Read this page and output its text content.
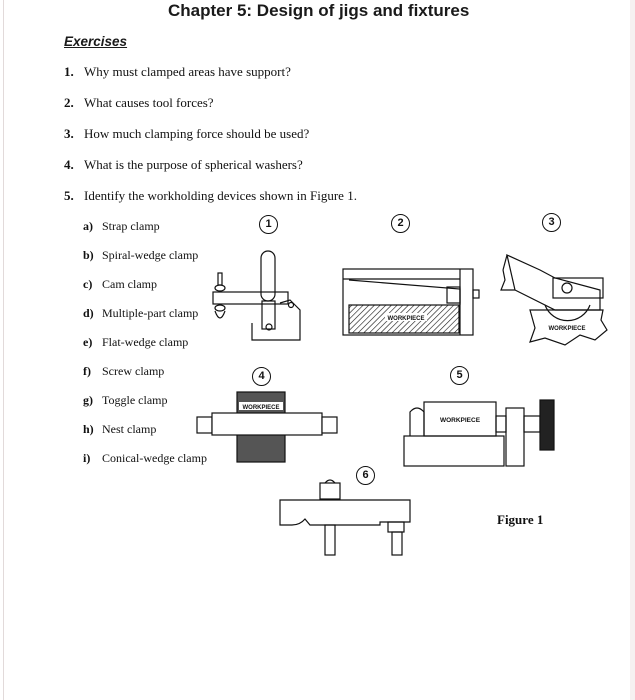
Chapter 5: Design of jigs and fixtures
Exercises
1. Why must clamped areas have support?
2. What causes tool forces?
3. How much clamping force should be used?
4. What is the purpose of spherical washers?
5. Identify the workholding devices shown in Figure 1.
a) Strap clamp
b) Spiral-wedge clamp
c) Cam clamp
d) Multiple-part clamp
e) Flat-wedge clamp
f) Screw clamp
g) Toggle clamp
h) Nest clamp
i) Conical-wedge clamp
1	2	3
4	5
6
WORKPIECE
WORKPIECE
WORKPIECE
WORKPIECE
Figure 1
